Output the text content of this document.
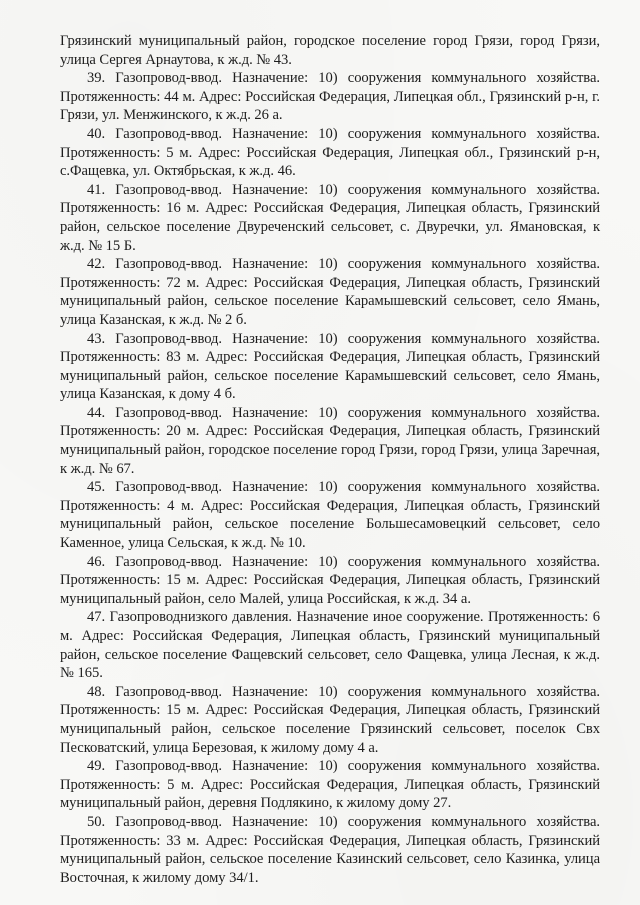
Грязинский муниципальный район, городское поселение город Грязи, город Грязи, улица Сергея Арнаутова, к ж.д. № 43.

39. Газопровод-ввод. Назначение: 10) сооружения коммунального хозяйства. Протяженность: 44 м. Адрес: Российская Федерация, Липецкая обл., Грязинский р-н, г. Грязи, ул. Менжинского, к ж.д. 26 а.

40. Газопровод-ввод. Назначение: 10) сооружения коммунального хозяйства. Протяженность: 5 м. Адрес: Российская Федерация, Липецкая обл., Грязинский р-н, с.Фащевка, ул. Октябрьская, к ж.д. 46.

41. Газопровод-ввод. Назначение: 10) сооружения коммунального хозяйства. Протяженность: 16 м. Адрес: Российская Федерация, Липецкая область, Грязинский район, сельское поселение Двуреченский сельсовет, с. Двуречки, ул. Ямановская, к ж.д. № 15 Б.

42. Газопровод-ввод. Назначение: 10) сооружения коммунального хозяйства. Протяженность: 72 м. Адрес: Российская Федерация, Липецкая область, Грязинский муниципальный район, сельское поселение Карамышевский сельсовет, село Ямань, улица Казанская, к ж.д. № 2 б.

43. Газопровод-ввод. Назначение: 10) сооружения коммунального хозяйства. Протяженность: 83 м. Адрес: Российская Федерация, Липецкая область, Грязинский муниципальный район, сельское поселение Карамышевский сельсовет, село Ямань, улица Казанская, к дому 4 б.

44. Газопровод-ввод. Назначение: 10) сооружения коммунального хозяйства. Протяженность: 20 м. Адрес: Российская Федерация, Липецкая область, Грязинский муниципальный район, городское поселение город Грязи, город Грязи, улица Заречная, к ж.д. № 67.

45. Газопровод-ввод. Назначение: 10) сооружения коммунального хозяйства. Протяженность: 4 м. Адрес: Российская Федерация, Липецкая область, Грязинский муниципальный район, сельское поселение Большесамовецкий сельсовет, село Каменное, улица Сельская, к ж.д. № 10.

46. Газопровод-ввод. Назначение: 10) сооружения коммунального хозяйства. Протяженность: 15 м. Адрес: Российская Федерация, Липецкая область, Грязинский муниципальный район, село Малей, улица Российская, к ж.д. 34 а.

47. Газопроводнизкого давления. Назначение иное сооружение. Протяженность: 6 м. Адрес: Российская Федерация, Липецкая область, Грязинский муниципальный район, сельское поселение Фащевский сельсовет, село Фащевка, улица Лесная, к ж.д. № 165.

48. Газопровод-ввод. Назначение: 10) сооружения коммунального хозяйства. Протяженность: 15 м. Адрес: Российская Федерация, Липецкая область, Грязинский муниципальный район, сельское поселение Грязинский сельсовет, поселок Свх Песковатский, улица Березовая, к жилому дому 4 а.

49. Газопровод-ввод. Назначение: 10) сооружения коммунального хозяйства. Протяженность: 5 м. Адрес: Российская Федерация, Липецкая область, Грязинский муниципальный район, деревня Подлякино, к жилому дому 27.

50. Газопровод-ввод. Назначение: 10) сооружения коммунального хозяйства. Протяженность: 33 м. Адрес: Российская Федерация, Липецкая область, Грязинский муниципальный район, сельское поселение Казинский сельсовет, село Казинка, улица Восточная, к жилому дому 34/1.
